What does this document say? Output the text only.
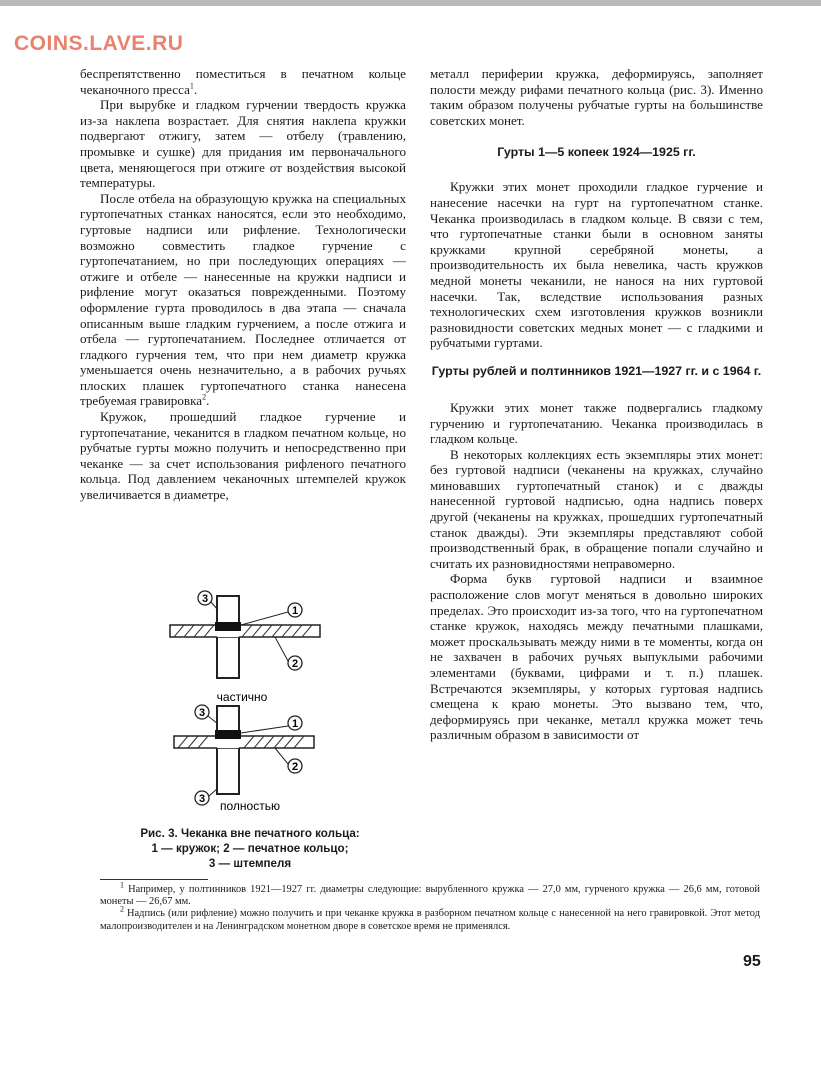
COINS.LAVE.RU

беспрепятственно поместиться в печатном кольце чеканочного пресса$^1$.

При вырубке и гладком гурчении твердость кружка из-за наклепа возрастает. Для снятия наклепа кружки подвергают отжигу, затем — отбелу (травлению, промывке и сушке) для придания им первоначального цвета, меняющегося при отжиге от воздействия высокой температуры.

После отбела на образующую кружка на специальных гуртопечатных станках наносятся, если это необходимо, гуртовые надписи или рифление. Технологически возможно совместить гладкое гурчение с гуртопечатанием, но при последующих операциях — отжиге и отбеле — нанесенные на кружки надписи и рифление могут оказаться поврежденными. Поэтому оформление гурта проводилось в два этапа — сначала описанным выше гладким гурчением, а после отжига и отбела — гуртопечатанием. Последнее отличается от гладкого гурчения тем, что при нем диаметр кружка уменьшается очень незначительно, а в рабочих ручьях плоских плашек гуртопечатного станка нанесена требуемая гравировка$^2$.

Кружок, прошедший гладкое гурчение и гуртопечатание, чеканится в гладком печатном кольце, но рубчатые гурты можно получить и непосредственно при чеканке — за счет использования рифленого печатного кольца. Под давлением чеканочных штемпелей кружок увеличивается в диаметре,

3
1
2
частично
3
1
2
3 полностью
Рис. 3. Чеканка вне печатного кольца:
1 — кружок; 2 — печатное кольцо;
3 — штемпеля

металл периферии кружка, деформируясь, заполняет полости между рифами печатного кольца (рис. 3). Именно таким образом получены рубчатые гурты на большинстве советских монет.

Гурты 1—5 копеек 1924—1925 гг.

Кружки этих монет проходили гладкое гурчение и нанесение насечки на гурт на гуртопечатном станке. Чеканка производилась в гладком кольце. В связи с тем, что гуртопечатные станки были в основном заняты кружками крупной серебряной монеты, а производительность их была невелика, часть кружков медной монеты чеканили, не нанося на них гуртовой насечки. Так, вследствие использования разных технологических схем изготовления кружков возникли разновидности советских медных монет — с гладкими и рубчатыми гуртами.

Гурты рублей и полтинников 1921—1927 гг. и с 1964 г.

Кружки этих монет также подвергались гладкому гурчению и гуртопечатанию. Чеканка производилась в гладком кольце.

В некоторых коллекциях есть экземпляры этих монет: без гуртовой надписи (чеканены на кружках, случайно миновавших гуртопечатный станок) и с дважды нанесенной гуртовой надписью, одна надпись поверх другой (чеканены на кружках, прошедших гуртопечатный станок дважды). Эти экземпляры представляют собой производственный брак, в обращение попали случайно и считать их разновидностями неправомерно.

Форма букв гуртовой надписи и взаимное расположение слов могут меняться в довольно широких пределах. Это происходит из-за того, что на гуртопечатном станке кружок, находясь между печатными плашками, может проскальзывать между ними в те моменты, когда он не захвачен в рабочих ручьях выпуклыми рабочими элементами (буквами, цифрами и т. п.) плашек. Встречаются экземпляры, у которых гуртовая надпись смещена к краю монеты. Это вызвано тем, что, деформируясь при чеканке, металл кружка может течь различным образом в зависимости от

$^1$ Например, у полтинников 1921—1927 гг. диаметры следующие: вырубленного кружка — 27,0 мм, гурченого кружка — 26,6 мм, готовой монеты — 26,67 мм.

$^2$ Надпись (или рифление) можно получить и при чеканке кружка в разборном печатном кольце с нанесенной на него гравировкой. Этот метод малопроизводителен и на Ленинградском монетном дворе в советское время не применялся.

95
